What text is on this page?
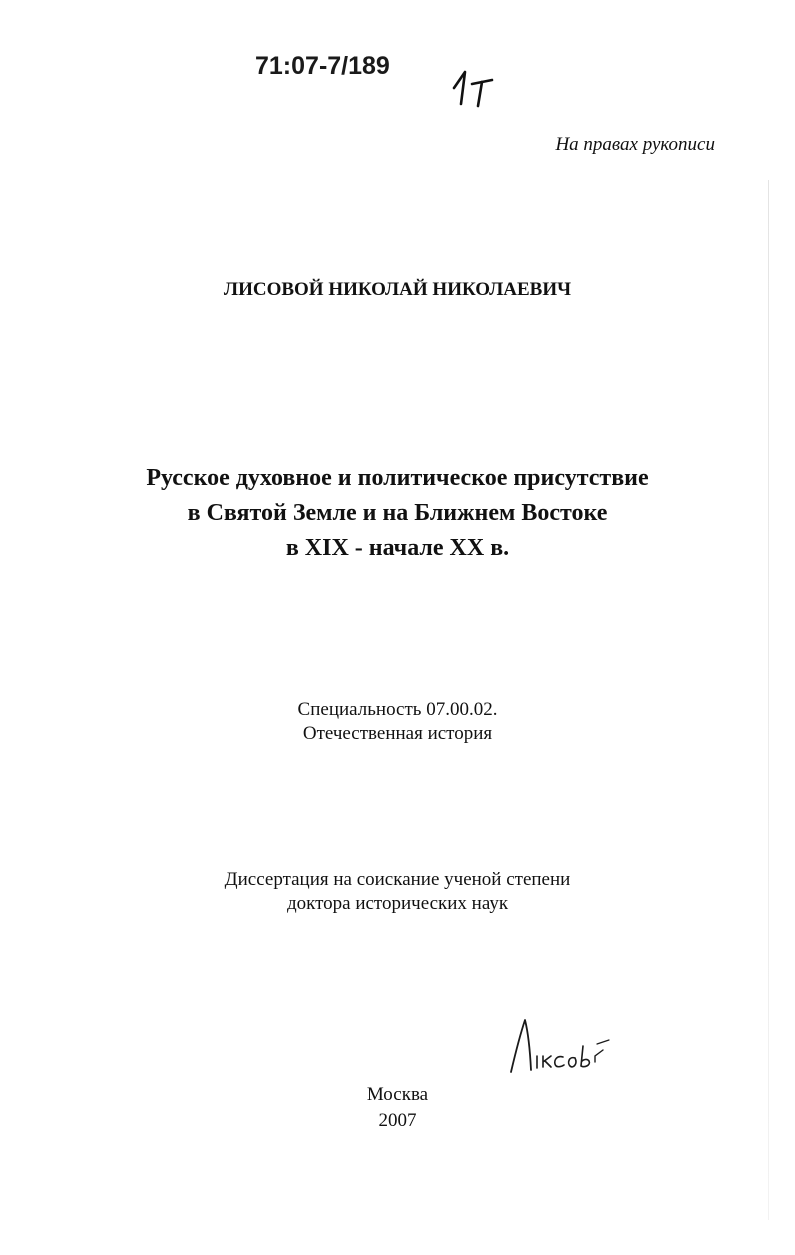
71:07-7/189
На правах рукописи
ЛИСОВОЙ НИКОЛАЙ НИКОЛАЕВИЧ
Русское духовное и политическое присутствие
в Святой Земле и на Ближнем Востоке
в XIX - начале XX в.
Специальность 07.00.02.
Отечественная история
Диссертация на соискание ученой степени
доктора исторических наук
Москва
2007
